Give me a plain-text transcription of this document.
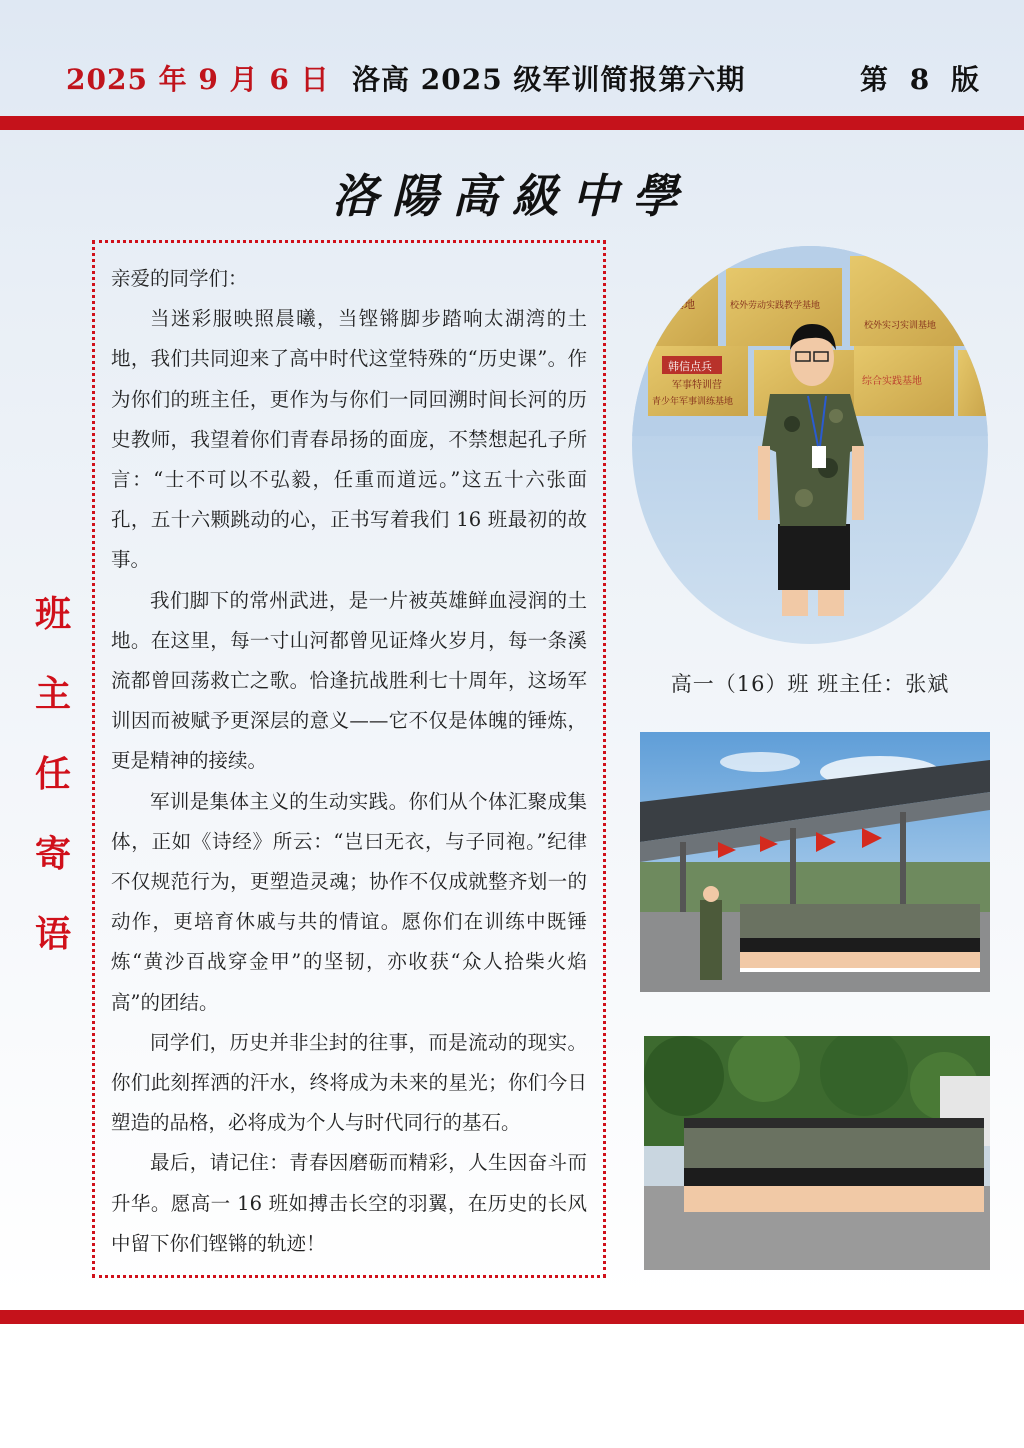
2025 年 9 月 6 日 洛高 2025 级军训简报第六期	第 8 版
洛陽高級中學
班
主
任
寄
语

亲爱的同学们：

当迷彩服映照晨曦，当铿锵脚步踏响太湖湾的土地，我们共同迎来了高中时代这堂特殊的“历史课”。作为你们的班主任，更作为与你们一同回溯时间长河的历史教师，我望着你们青春昂扬的面庞，不禁想起孔子所言：“士不可以不弘毅，任重而道远。”这五十六张面孔，五十六颗跳动的心，正书写着我们 16 班最初的故事。

我们脚下的常州武进，是一片被英雄鲜血浸润的土地。在这里，每一寸山河都曾见证烽火岁月，每一条溪流都曾回荡救亡之歌。恰逢抗战胜利七十周年，这场军训因而被赋予更深层的意义——它不仅是体魄的锤炼，更是精神的接续。

军训是集体主义的生动实践。你们从个体汇聚成集体，正如《诗经》所云：“岂曰无衣，与子同袍。”纪律不仅规范行为，更塑造灵魂；协作不仅成就整齐划一的动作，更培育休戚与共的情谊。愿你们在训练中既锤炼“黄沙百战穿金甲”的坚韧，亦收获“众人拾柴火焰高”的团结。

同学们，历史并非尘封的往事，而是流动的现实。你们此刻挥洒的汗水，终将成为未来的星光；你们今日塑造的品格，必将成为个人与时代同行的基石。

最后，请记住：青春因磨砺而精彩，人生因奋斗而升华。愿高一 16 班如搏击长空的羽翼，在历史的长风中留下你们铿锵的轨迹！

育基地	校外劳动实践教学基地
校外实习实训基地
韩信点兵
军事特训营
青少年军事训练基地
综合实践基地
高一（16）班 班主任：张斌
